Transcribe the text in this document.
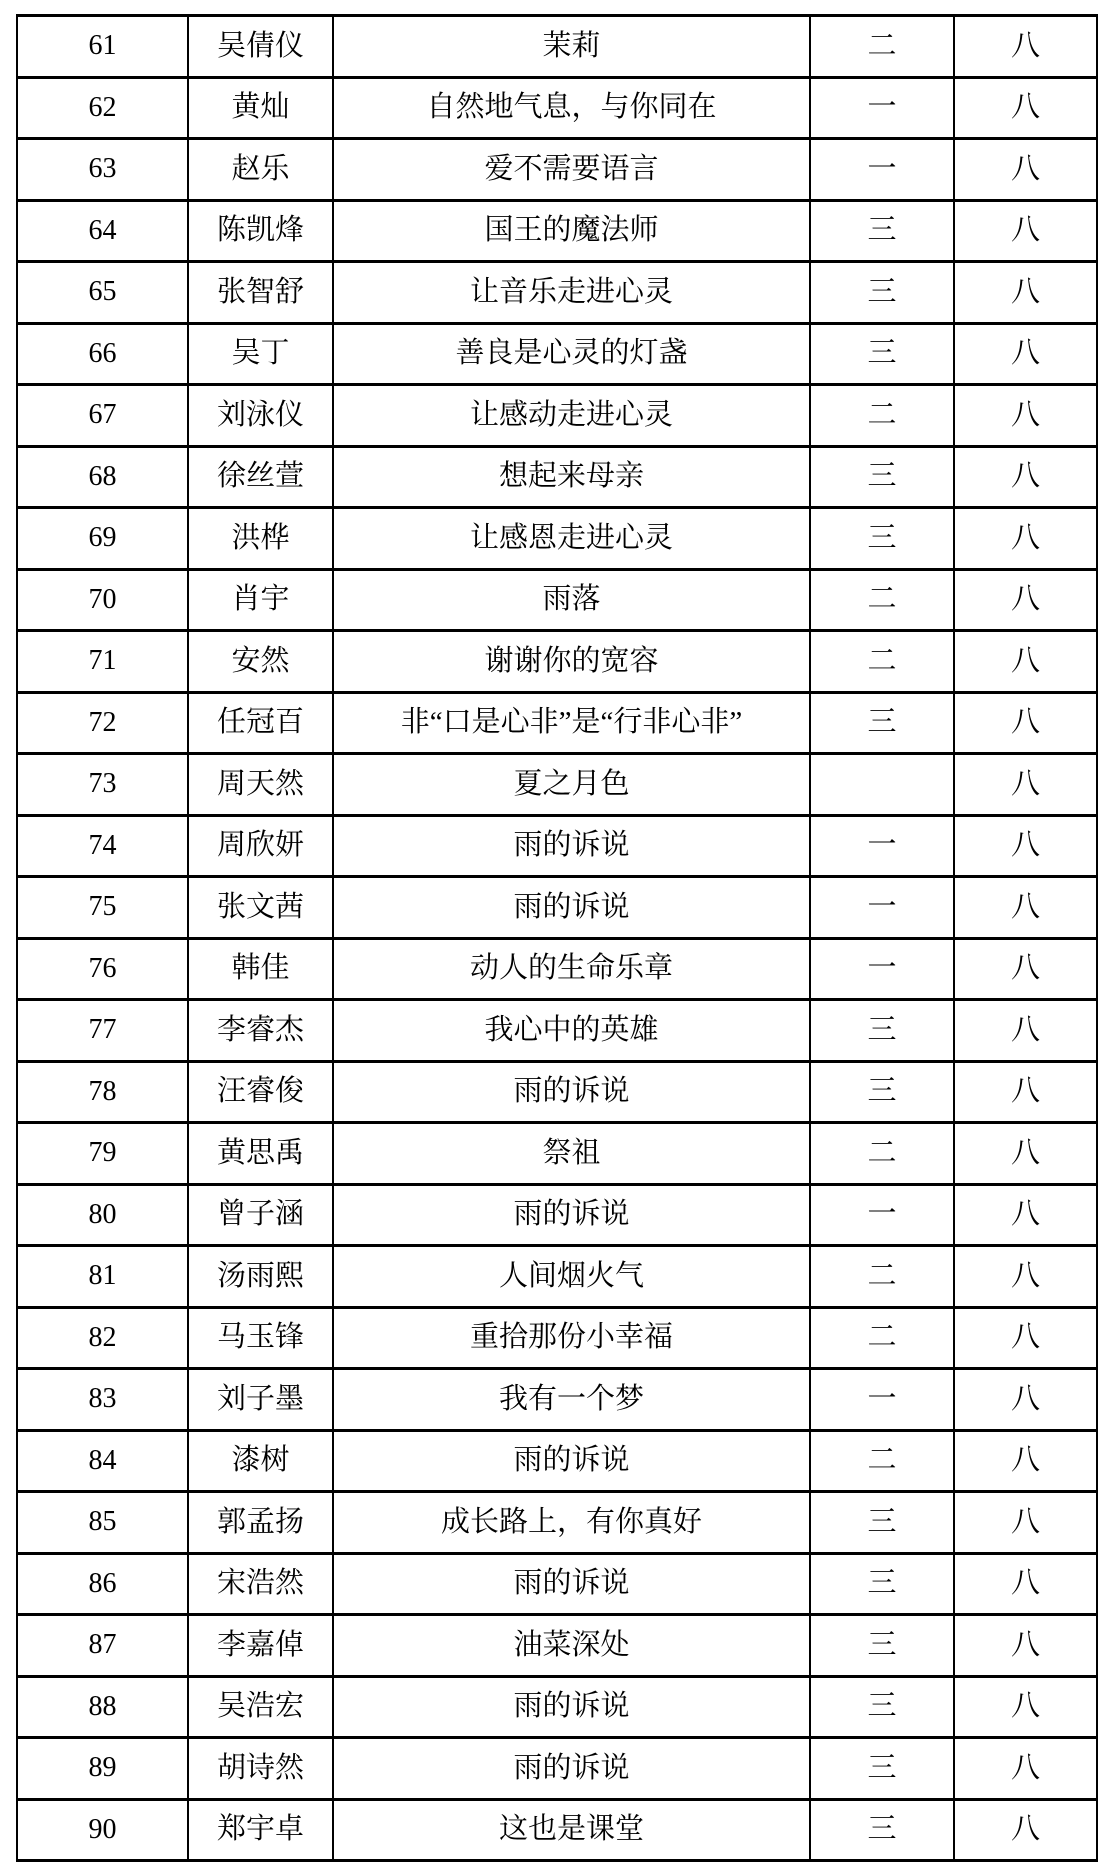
61	吴倩仪	茉莉	二	八
62	黄灿	自然地气息，与你同在	一	八
63	赵乐	爱不需要语言	一	八
64	陈凯烽	国王的魔法师	三	八
65	张智舒	让音乐走进心灵	三	八
66	吴丁	善良是心灵的灯盏	三	八
67	刘泳仪	让感动走进心灵	二	八
68	徐丝萱	想起来母亲	三	八
69	洪桦	让感恩走进心灵	三	八
70	肖宇	雨落	二	八
71	安然	谢谢你的宽容	二	八
72	任冠百	非“口是心非”是“行非心非”	三	八
73	周天然	夏之月色		八
74	周欣妍	雨的诉说	一	八
75	张文茜	雨的诉说	一	八
76	韩佳	动人的生命乐章	一	八
77	李睿杰	我心中的英雄	三	八
78	汪睿俊	雨的诉说	三	八
79	黄思禹	祭祖	二	八
80	曾子涵	雨的诉说	一	八
81	汤雨熙	人间烟火气	二	八
82	马玉锋	重拾那份小幸福	二	八
83	刘子墨	我有一个梦	一	八
84	漆树	雨的诉说	二	八
85	郭孟扬	成长路上，有你真好	三	八
86	宋浩然	雨的诉说	三	八
87	李嘉倬	油菜深处	三	八
88	吴浩宏	雨的诉说	三	八
89	胡诗然	雨的诉说	三	八
90	郑宇卓	这也是课堂	三	八
